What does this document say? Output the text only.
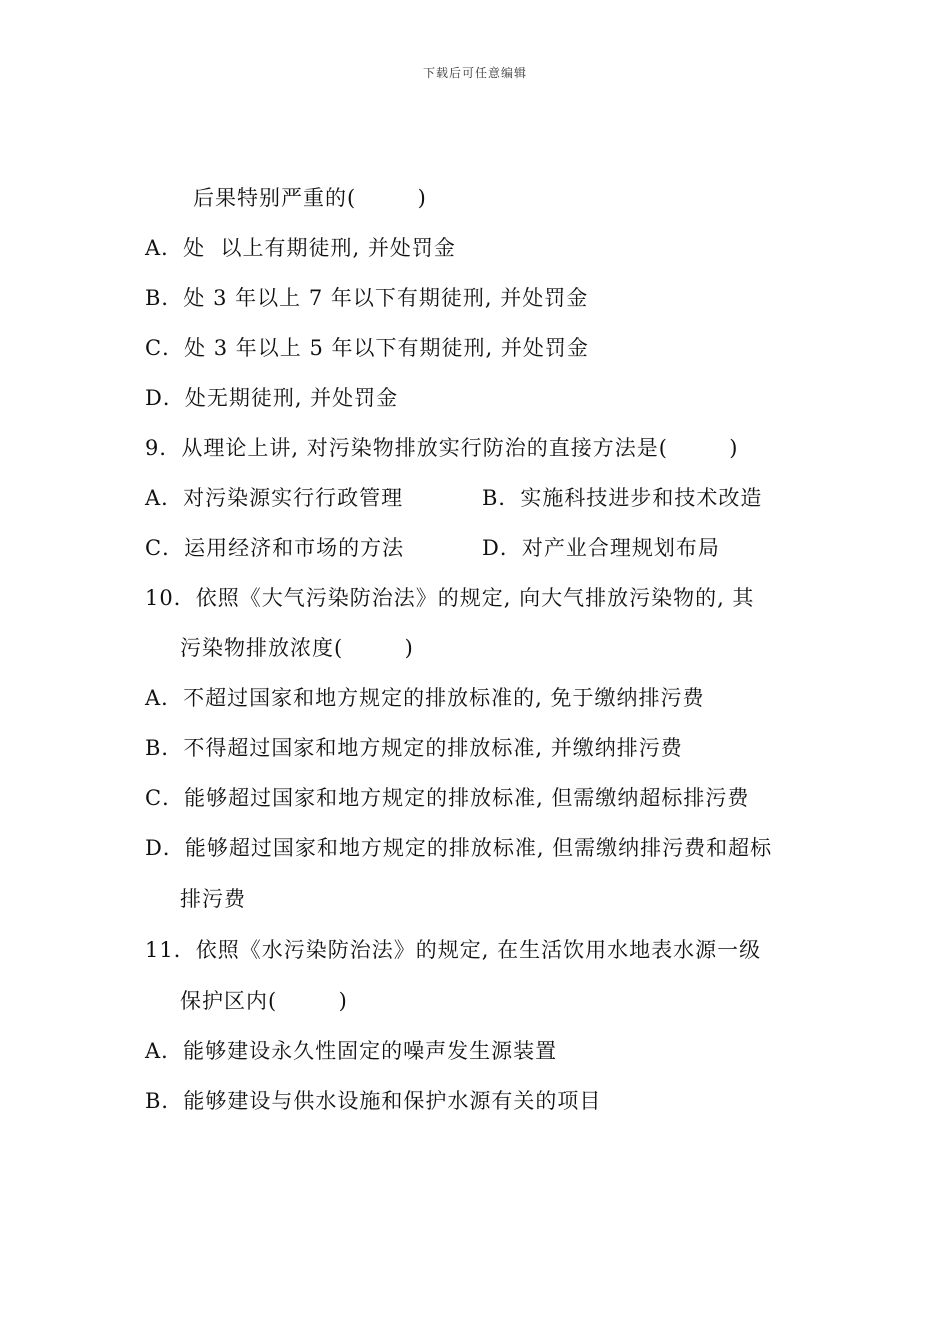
下载后可任意编辑
后果特别严重的(        )
A．处  以上有期徒刑, 并处罚金
B．处 3 年以上 7 年以下有期徒刑, 并处罚金
C．处 3 年以上 5 年以下有期徒刑, 并处罚金
D．处无期徒刑, 并处罚金
9．从理论上讲, 对污染物排放实行防治的直接方法是(        )
A．对污染源实行行政管理	B．实施科技进步和技术改造
C．运用经济和市场的方法	D．对产业合理规划布局
10．依照《大气污染防治法》的规定, 向大气排放污染物的, 其
污染物排放浓度(        )
A．不超过国家和地方规定的排放标准的, 免于缴纳排污费
B．不得超过国家和地方规定的排放标准, 并缴纳排污费
C．能够超过国家和地方规定的排放标准, 但需缴纳超标排污费
D．能够超过国家和地方规定的排放标准, 但需缴纳排污费和超标
排污费
11．依照《水污染防治法》的规定, 在生活饮用水地表水源一级
保护区内(        )
A．能够建设永久性固定的噪声发生源装置
B．能够建设与供水设施和保护水源有关的项目
